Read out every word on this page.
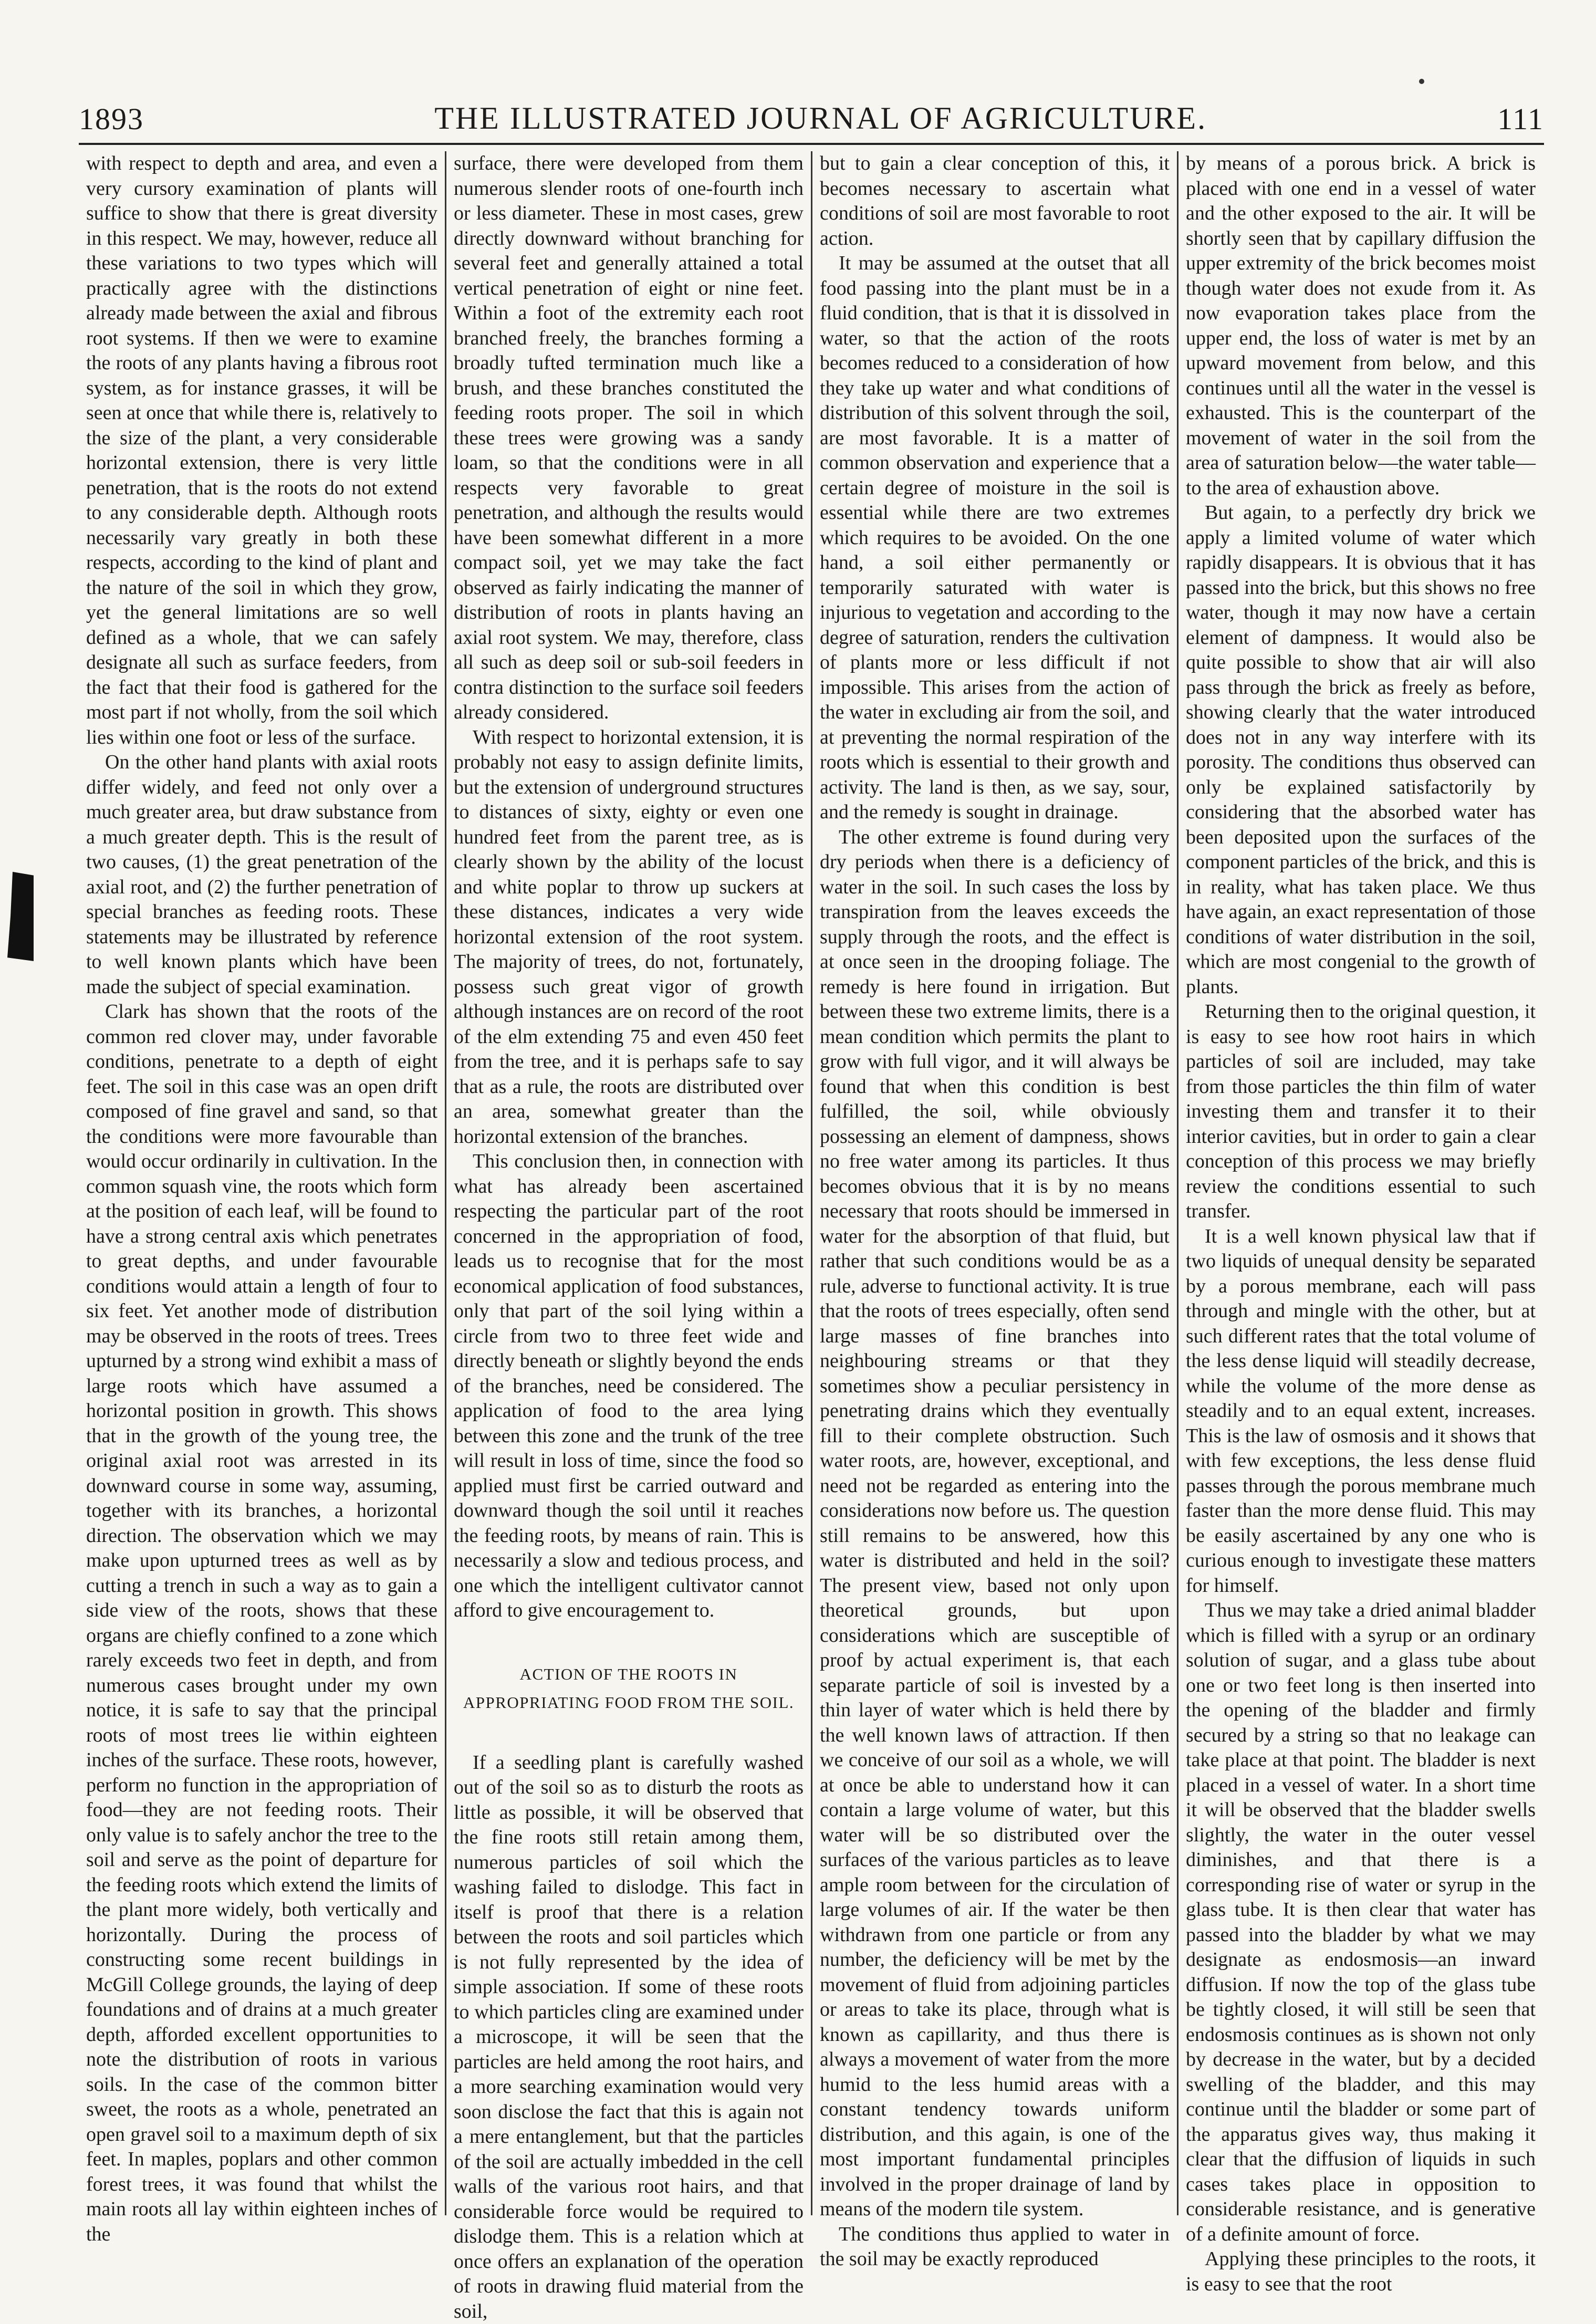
1893	THE ILLUSTRATED JOURNAL OF AGRICULTURE.	111

with respect to depth and area, and even a very cursory examination of plants will suffice to show that there is great diversity in this respect. We may, however, reduce all these variations to two types which will practically agree with the distinctions already made between the axial and fibrous root systems. If then we were to examine the roots of any plants having a fibrous root system, as for instance grasses, it will be seen at once that while there is, relatively to the size of the plant, a very considerable horizontal extension, there is very little penetration, that is the roots do not extend to any considerable depth. Although roots necessarily vary greatly in both these respects, according to the kind of plant and the nature of the soil in which they grow, yet the general limitations are so well defined as a whole, that we can safely designate all such as surface feeders, from the fact that their food is gathered for the most part if not wholly, from the soil which lies within one foot or less of the surface.

On the other hand plants with axial roots differ widely, and feed not only over a much greater area, but draw substance from a much greater depth. This is the result of two causes, (1) the great penetration of the axial root, and (2) the further penetration of special branches as feeding roots. These statements may be illustrated by reference to well known plants which have been made the subject of special examination.

Clark has shown that the roots of the common red clover may, under favorable conditions, penetrate to a depth of eight feet. The soil in this case was an open drift composed of fine gravel and sand, so that the conditions were more favourable than would occur ordinarily in cultivation. In the common squash vine, the roots which form at the position of each leaf, will be found to have a strong central axis which penetrates to great depths, and under favourable conditions would attain a length of four to six feet. Yet another mode of distribution may be observed in the roots of trees. Trees upturned by a strong wind exhibit a mass of large roots which have assumed a horizontal position in growth. This shows that in the growth of the young tree, the original axial root was arrested in its downward course in some way, assuming, together with its branches, a horizontal direction. The observation which we may make upon upturned trees as well as by cutting a trench in such a way as to gain a side view of the roots, shows that these organs are chiefly confined to a zone which rarely exceeds two feet in depth, and from numerous cases brought under my own notice, it is safe to say that the principal roots of most trees lie within eighteen inches of the surface. These roots, however, perform no function in the appropriation of food—they are not feeding roots. Their only value is to safely anchor the tree to the soil and serve as the point of departure for the feeding roots which extend the limits of the plant more widely, both vertically and horizontally. During the process of constructing some recent buildings in McGill College grounds, the laying of deep foundations and of drains at a much greater depth, afforded excellent opportunities to note the distribution of roots in various soils. In the case of the common bitter sweet, the roots as a whole, penetrated an open gravel soil to a maximum depth of six feet. In maples, poplars and other common forest trees, it was found that whilst the main roots all lay within eighteen inches of the

surface, there were developed from them numerous slender roots of one-fourth inch or less diameter. These in most cases, grew directly downward without branching for several feet and generally attained a total vertical penetration of eight or nine feet. Within a foot of the extremity each root branched freely, the branches forming a broadly tufted termination much like a brush, and these branches constituted the feeding roots proper. The soil in which these trees were growing was a sandy loam, so that the conditions were in all respects very favorable to great penetration, and although the results would have been somewhat different in a more compact soil, yet we may take the fact observed as fairly indicating the manner of distribution of roots in plants having an axial root system. We may, therefore, class all such as deep soil or sub-soil feeders in contra distinction to the surface soil feeders already considered.

With respect to horizontal extension, it is probably not easy to assign definite limits, but the extension of underground structures to distances of sixty, eighty or even one hundred feet from the parent tree, as is clearly shown by the ability of the locust and white poplar to throw up suckers at these distances, indicates a very wide horizontal extension of the root system. The majority of trees, do not, fortunately, possess such great vigor of growth although instances are on record of the root of the elm extending 75 and even 450 feet from the tree, and it is perhaps safe to say that as a rule, the roots are distributed over an area, somewhat greater than the horizontal extension of the branches.

This conclusion then, in connection with what has already been ascertained respecting the particular part of the root concerned in the appropriation of food, leads us to recognise that for the most economical application of food substances, only that part of the soil lying within a circle from two to three feet wide and directly beneath or slightly beyond the ends of the branches, need be considered. The application of food to the area lying between this zone and the trunk of the tree will result in loss of time, since the food so applied must first be carried outward and downward though the soil until it reaches the feeding roots, by means of rain. This is necessarily a slow and tedious process, and one which the intelligent cultivator cannot afford to give encouragement to.

ACTION OF THE ROOTS IN APPROPRIATING FOOD FROM THE SOIL.

If a seedling plant is carefully washed out of the soil so as to disturb the roots as little as possible, it will be observed that the fine roots still retain among them, numerous particles of soil which the washing failed to dislodge. This fact in itself is proof that there is a relation between the roots and soil particles which is not fully represented by the idea of simple association. If some of these roots to which particles cling are examined under a microscope, it will be seen that the particles are held among the root hairs, and a more searching examination would very soon disclose the fact that this is again not a mere entanglement, but that the particles of the soil are actually imbedded in the cell walls of the various root hairs, and that considerable force would be required to dislodge them. This is a relation which at once offers an explanation of the operation of roots in drawing fluid material from the soil,

but to gain a clear conception of this, it becomes necessary to ascertain what conditions of soil are most favorable to root action.

It may be assumed at the outset that all food passing into the plant must be in a fluid condition, that is that it is dissolved in water, so that the action of the roots becomes reduced to a consideration of how they take up water and what conditions of distribution of this solvent through the soil, are most favorable. It is a matter of common observation and experience that a certain degree of moisture in the soil is essential while there are two extremes which requires to be avoided. On the one hand, a soil either permanently or temporarily saturated with water is injurious to vegetation and according to the degree of saturation, renders the cultivation of plants more or less difficult if not impossible. This arises from the action of the water in excluding air from the soil, and at preventing the normal respiration of the roots which is essential to their growth and activity. The land is then, as we say, sour, and the remedy is sought in drainage.

The other extreme is found during very dry periods when there is a deficiency of water in the soil. In such cases the loss by transpiration from the leaves exceeds the supply through the roots, and the effect is at once seen in the drooping foliage. The remedy is here found in irrigation. But between these two extreme limits, there is a mean condition which permits the plant to grow with full vigor, and it will always be found that when this condition is best fulfilled, the soil, while obviously possessing an element of dampness, shows no free water among its particles. It thus becomes obvious that it is by no means necessary that roots should be immersed in water for the absorption of that fluid, but rather that such conditions would be as a rule, adverse to functional activity. It is true that the roots of trees especially, often send large masses of fine branches into neighbouring streams or that they sometimes show a peculiar persistency in penetrating drains which they eventually fill to their complete obstruction. Such water roots, are, however, exceptional, and need not be regarded as entering into the considerations now before us. The question still remains to be answered, how this water is distributed and held in the soil? The present view, based not only upon theoretical grounds, but upon considerations which are susceptible of proof by actual experiment is, that each separate particle of soil is invested by a thin layer of water which is held there by the well known laws of attraction. If then we conceive of our soil as a whole, we will at once be able to understand how it can contain a large volume of water, but this water will be so distributed over the surfaces of the various particles as to leave ample room between for the circulation of large volumes of air. If the water be then withdrawn from one particle or from any number, the deficiency will be met by the movement of fluid from adjoining particles or areas to take its place, through what is known as capillarity, and thus there is always a movement of water from the more humid to the less humid areas with a constant tendency towards uniform distribution, and this again, is one of the most important fundamental principles involved in the proper drainage of land by means of the modern tile system.

The conditions thus applied to water in the soil may be exactly reproduced

by means of a porous brick. A brick is placed with one end in a vessel of water and the other exposed to the air. It will be shortly seen that by capillary diffusion the upper extremity of the brick becomes moist though water does not exude from it. As now evaporation takes place from the upper end, the loss of water is met by an upward movement from below, and this continues until all the water in the vessel is exhausted. This is the counterpart of the movement of water in the soil from the area of saturation below—the water table—to the area of exhaustion above.

But again, to a perfectly dry brick we apply a limited volume of water which rapidly disappears. It is obvious that it has passed into the brick, but this shows no free water, though it may now have a certain element of dampness. It would also be quite possible to show that air will also pass through the brick as freely as before, showing clearly that the water introduced does not in any way interfere with its porosity. The conditions thus observed can only be explained satisfactorily by considering that the absorbed water has been deposited upon the surfaces of the component particles of the brick, and this is in reality, what has taken place. We thus have again, an exact representation of those conditions of water distribution in the soil, which are most congenial to the growth of plants.

Returning then to the original question, it is easy to see how root hairs in which particles of soil are included, may take from those particles the thin film of water investing them and transfer it to their interior cavities, but in order to gain a clear conception of this process we may briefly review the conditions essential to such transfer.

It is a well known physical law that if two liquids of unequal density be separated by a porous membrane, each will pass through and mingle with the other, but at such different rates that the total volume of the less dense liquid will steadily decrease, while the volume of the more dense as steadily and to an equal extent, increases. This is the law of osmosis and it shows that with few exceptions, the less dense fluid passes through the porous membrane much faster than the more dense fluid. This may be easily ascertained by any one who is curious enough to investigate these matters for himself.

Thus we may take a dried animal bladder which is filled with a syrup or an ordinary solution of sugar, and a glass tube about one or two feet long is then inserted into the opening of the bladder and firmly secured by a string so that no leakage can take place at that point. The bladder is next placed in a vessel of water. In a short time it will be observed that the bladder swells slightly, the water in the outer vessel diminishes, and that there is a corresponding rise of water or syrup in the glass tube. It is then clear that water has passed into the bladder by what we may designate as endosmosis—an inward diffusion. If now the top of the glass tube be tightly closed, it will still be seen that endosmosis continues as is shown not only by decrease in the water, but by a decided swelling of the bladder, and this may continue until the bladder or some part of the apparatus gives way, thus making it clear that the diffusion of liquids in such cases takes place in opposition to considerable resistance, and is generative of a definite amount of force.

Applying these principles to the roots, it is easy to see that the root
